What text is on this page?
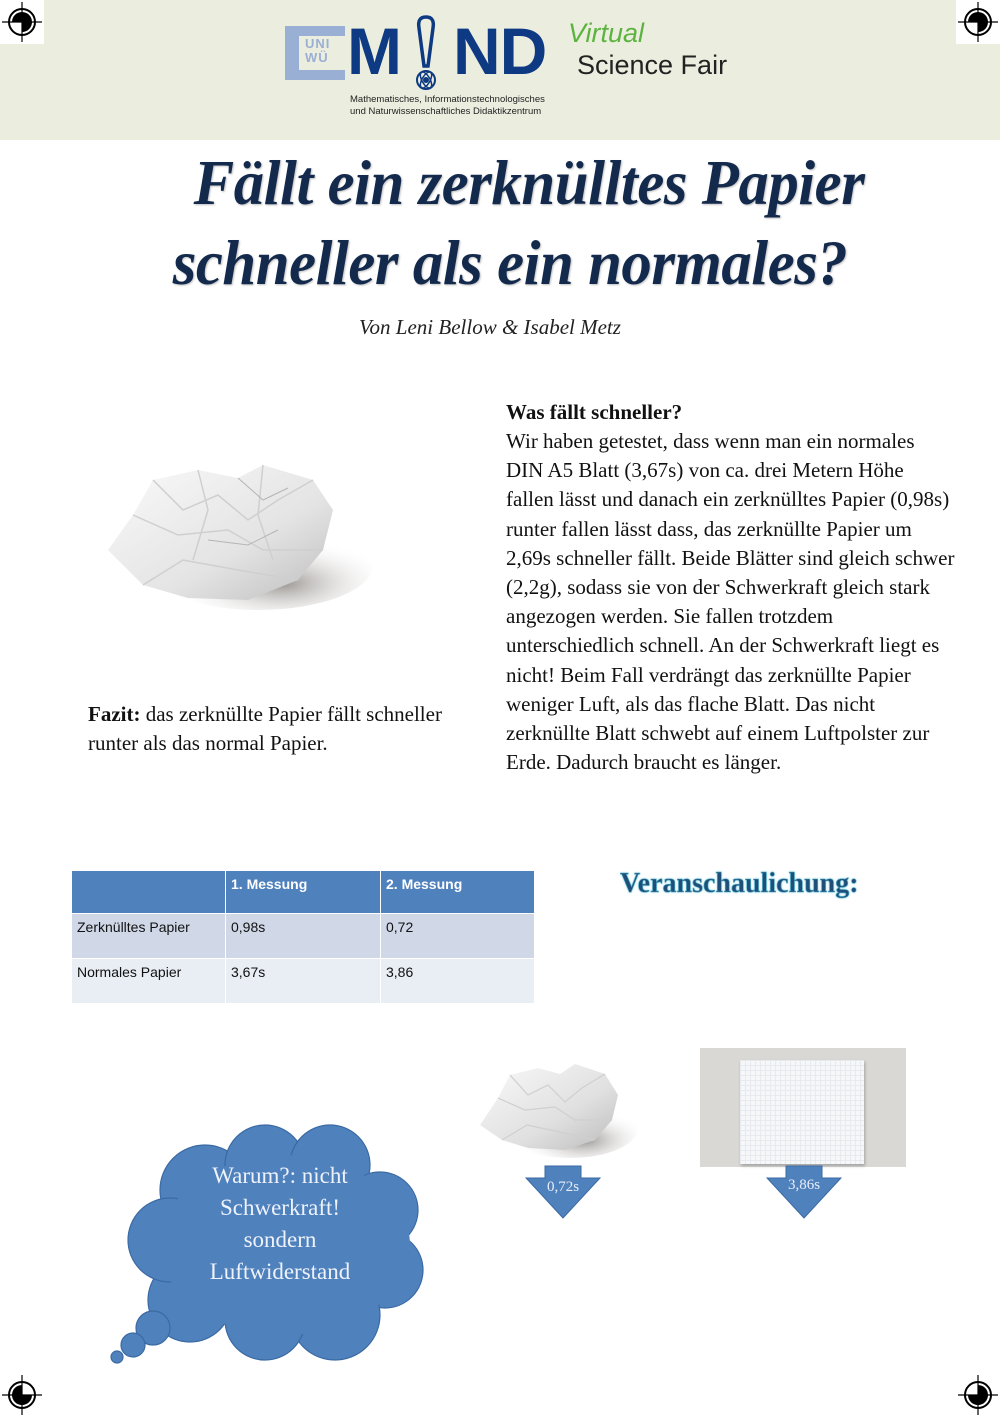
UNI
WÜ M ND Virtual
Science Fair
Mathematisches, Informationstechnologisches
und Naturwissenschaftliches Didaktikzentrum
Fällt ein zerknülltes Papier
schneller als ein normales?
Von Leni Bellow & Isabel Metz
Fazit: das zerknüllte Papier fällt schneller runter als das normal Papier.
Was fällt schneller?

Wir haben getestet, dass wenn man ein normales DIN A5 Blatt (3,67s) von ca. drei Metern Höhe fallen lässt und danach ein zerknülltes Papier (0,98s) runter fallen lässt dass, das zerknüllte Papier um 2,69s schneller fällt. Beide Blätter sind gleich schwer (2,2g), sodass sie von der Schwerkraft gleich stark angezogen werden. Sie fallen trotzdem unterschiedlich schnell. An der Schwerkraft liegt es nicht! Beim Fall verdrängt das zerknüllte Papier weniger Luft, als das flache Blatt. Das nicht zerknüllte Blatt schwebt auf einem Luftpolster zur Erde. Dadurch braucht es länger.

	1. Messung	2. Messung
Zerknülltes Papier	0,98s	0,72
Normales Papier	3,67s	3,86
Veranschaulichung:
0,72s	3,86s
Warum?: nicht
Schwerkraft!
sondern
Luftwiderstand
